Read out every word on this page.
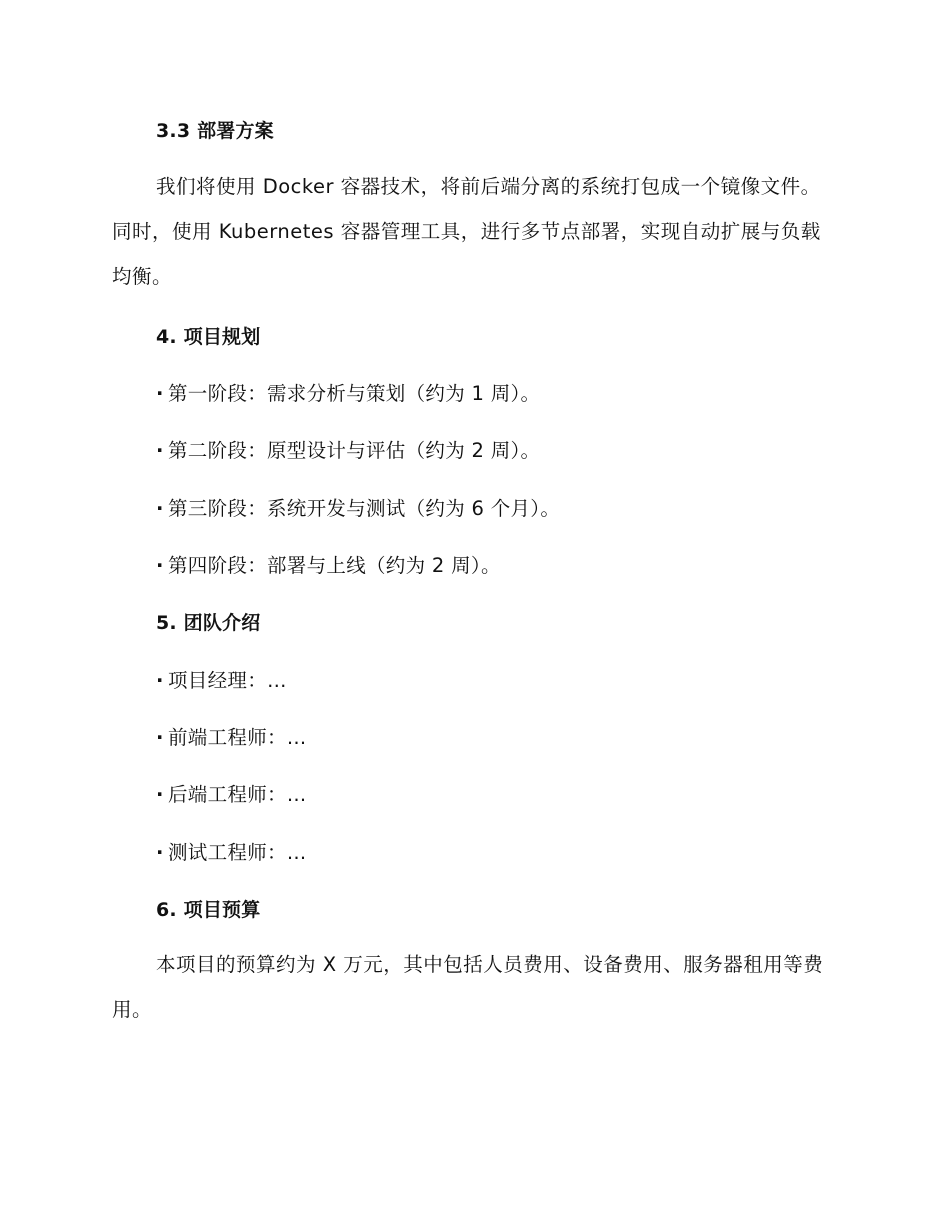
3.3 部署方案
我们将使用 Docker 容器技术，将前后端分离的系统打包成一个镜像文件。同时，使用 Kubernetes 容器管理工具，进行多节点部署，实现自动扩展与负载均衡。
4. 项目规划
· 第一阶段：需求分析与策划（约为 1 周）。
· 第二阶段：原型设计与评估（约为 2 周）。
· 第三阶段：系统开发与测试（约为 6 个月）。
· 第四阶段：部署与上线（约为 2 周）。
5. 团队介绍
· 项目经理：…
· 前端工程师：…
· 后端工程师：…
· 测试工程师：…
6. 项目预算
本项目的预算约为 X 万元，其中包括人员费用、设备费用、服务器租用等费用。
